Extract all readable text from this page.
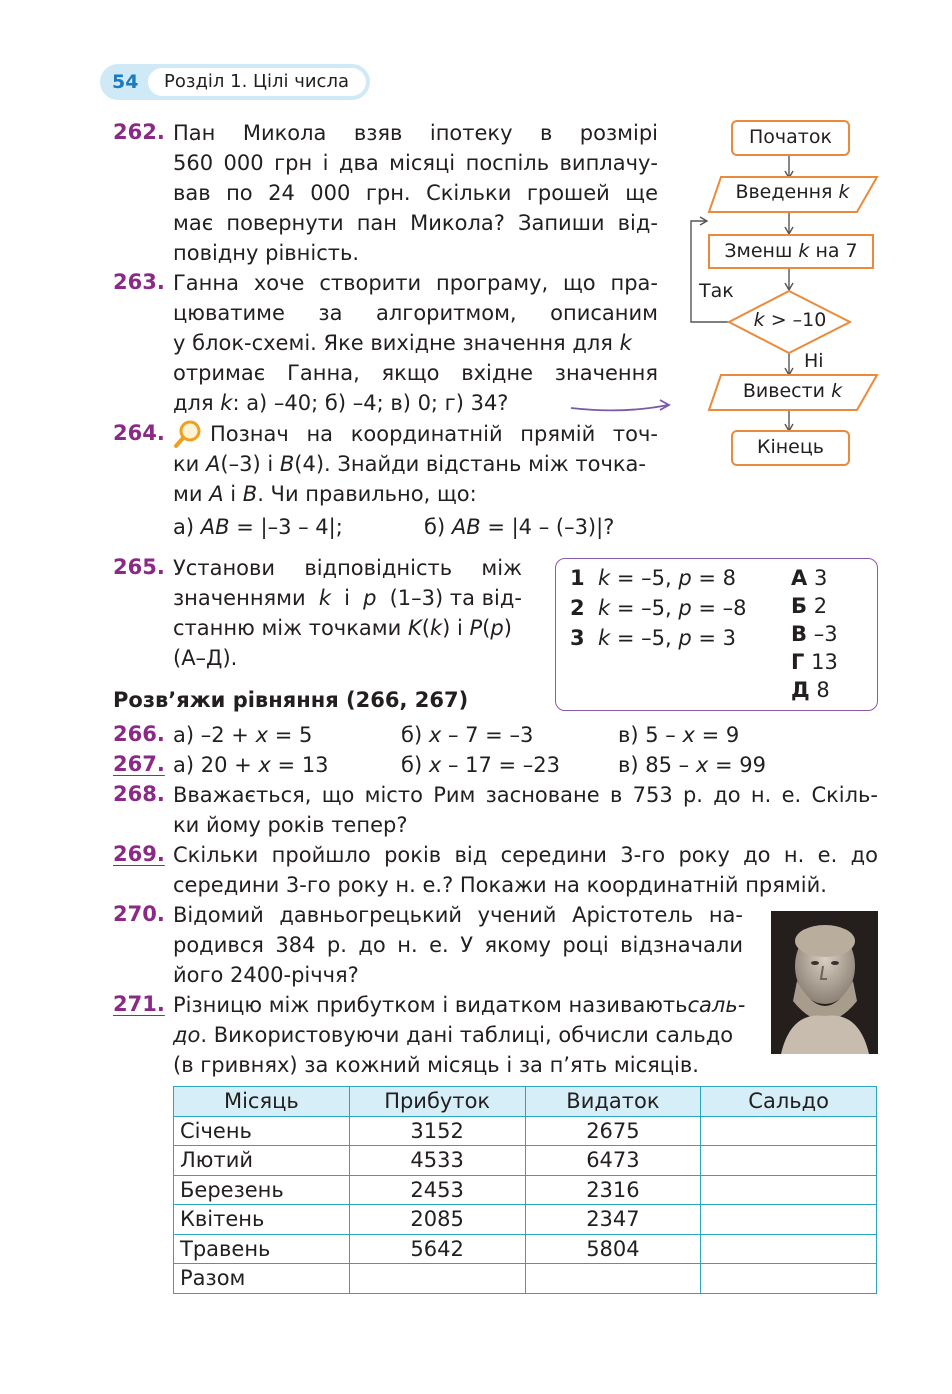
54	Розділ 1. Цілі числа
262. Пан Микола взяв іпотеку в розмірі
560 000 грн і два місяці поспіль виплачу-
вав по 24 000 грн. Скільки грошей ще
має повернути пан Микола? Запиши від-
повідну рівність.
263. Ганна хоче створити програму, що пра-
цюватиме за алгоритмом, описаним
у блок-схемі. Яке вихідне значення для k
отримає Ганна, якщо вхідне значення
для k: а) –40; б) –4; в) 0; г) 34?
Початок
Введення k
Зменш k на 7
k > –10
Так
Ні
Вивести k
Кінець
264. Познач на координатній прямій точ-
ки A(–3) і B(4). Знайди відстань між точка-
ми A і B. Чи правильно, що:
а) AB = |–3 – 4|;	б) AB = |4 – (–3)|?
265. Установи відповідність між
значеннями k і p (1–3) та від-
станню між точками K(k) і P(p)
(А–Д).
1 k = –5, p = 8
2 k = –5, p = –8
3 k = –5, p = 3
А 3
Б 2
В –3
Г 13
Д 8
Розв’яжи рівняння (266, 267)
266. а) –2 + x = 5	б) x – 7 = –3	в) 5 – x = 9
267. а) 20 + x = 13	б) x – 17 = –23	в) 85 – x = 99
268. Вважається, що місто Рим засноване в 753 р. до н. е. Скіль-
ки йому років тепер?
269. Скільки пройшло років від середини 3-го року до н. е. до
середини 3-го року н. е.? Покажи на координатній прямій.
270. Відомий давньогрецький учений Арістотель на-
родився 384 р. до н. е. У якому році відзначали
його 2400-річчя?
271. Різницю між прибутком і видатком називають саль-
до. Використовуючи дані таблиці, обчисли сальдо
(в гривнях) за кожний місяць і за п’ять місяців.
Місяць	Прибуток	Видаток	Сальдо
Січень	3152	2675	
Лютий	4533	6473	
Березень	2453	2316	
Квітень	2085	2347	
Травень	5642	5804	
Разом			
